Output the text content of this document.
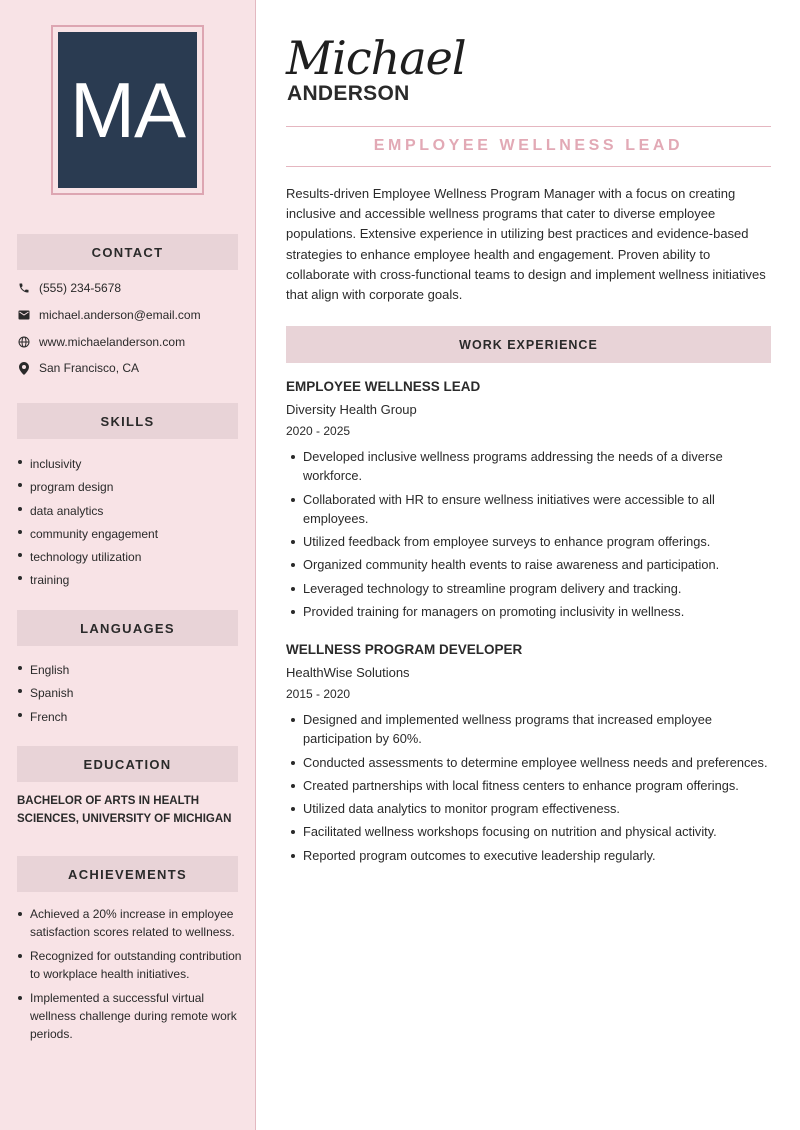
MA
CONTACT
(555) 234-5678
michael.anderson@email.com
www.michaelanderson.com
San Francisco, CA
SKILLS
inclusivity
program design
data analytics
community engagement
technology utilization
training
LANGUAGES
English
Spanish
French
EDUCATION
BACHELOR OF ARTS IN HEALTH SCIENCES, UNIVERSITY OF MICHIGAN
ACHIEVEMENTS
Achieved a 20% increase in employee satisfaction scores related to wellness.
Recognized for outstanding contribution to workplace health initiatives.
Implemented a successful virtual wellness challenge during remote work periods.
Michael
ANDERSON
EMPLOYEE WELLNESS LEAD

Results-driven Employee Wellness Program Manager with a focus on creating inclusive and accessible wellness programs that cater to diverse employee populations. Extensive experience in utilizing best practices and evidence-based strategies to enhance employee health and engagement. Proven ability to collaborate with cross-functional teams to design and implement wellness initiatives that align with corporate goals.

WORK EXPERIENCE
EMPLOYEE WELLNESS LEAD
Diversity Health Group
2020 - 2025
Developed inclusive wellness programs addressing the needs of a diverse workforce.
Collaborated with HR to ensure wellness initiatives were accessible to all employees.
Utilized feedback from employee surveys to enhance program offerings.
Organized community health events to raise awareness and participation.
Leveraged technology to streamline program delivery and tracking.
Provided training for managers on promoting inclusivity in wellness.
WELLNESS PROGRAM DEVELOPER
HealthWise Solutions
2015 - 2020
Designed and implemented wellness programs that increased employee participation by 60%.
Conducted assessments to determine employee wellness needs and preferences.
Created partnerships with local fitness centers to enhance program offerings.
Utilized data analytics to monitor program effectiveness.
Facilitated wellness workshops focusing on nutrition and physical activity.
Reported program outcomes to executive leadership regularly.
